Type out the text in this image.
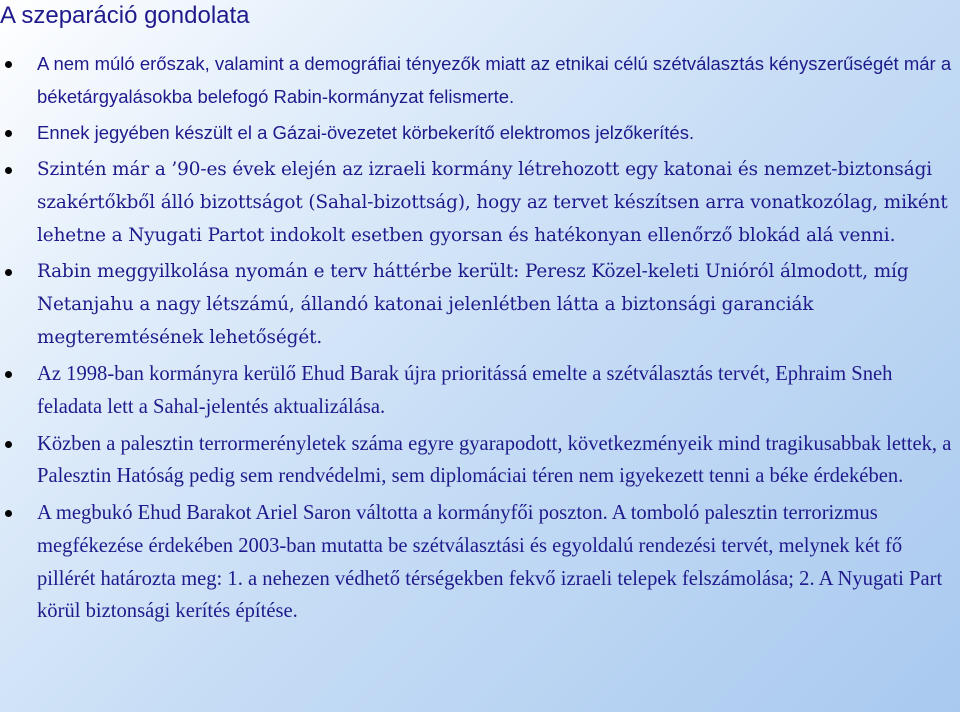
A szeparáció gondolata
A nem múló erőszak, valamint a demográfiai tényezők miatt az etnikai célú szétválasztás kényszerűségét már a béketárgyalásokba belefogó Rabin-kormányzat felismerte.
Ennek jegyében készült el a Gázai-övezetet körbekerítő elektromos jelzőkerítés.
Szintén már a ’90-es évek elején az izraeli kormány létrehozott egy katonai és nemzet-biztonsági szakértőkből álló bizottságot (Sahal-bizottság), hogy az tervet készítsen arra vonatkozólag, miként lehetne a Nyugati Partot indokolt esetben gyorsan és hatékonyan ellenőrző blokád alá venni.
Rabin meggyilkolása nyomán e terv háttérbe került: Peresz Közel-keleti Unióról álmodott, míg Netanjahu a nagy létszámú, állandó katonai jelenlétben látta a biztonsági garanciák megteremtésének lehetőségét.
Az 1998-ban kormányra kerülő Ehud Barak újra prioritássá emelte a szétválasztás tervét, Ephraim Sneh feladata lett a Sahal-jelentés aktualizálása.
Közben a palesztin terrormerényletek száma egyre gyarapodott, következményeik mind tragikusabbak lettek, a Palesztin Hatóság pedig sem rendvédelmi, sem diplomáciai téren nem igyekezett tenni a béke érdekében.
A megbukó Ehud Barakot Ariel Saron váltotta a kormányfői poszton. A tomboló palesztin terrorizmus megfékezése érdekében 2003-ban mutatta be szétválasztási és egyoldalú rendezési tervét, melynek két fő pillérét határozta meg: 1. a nehezen védhető térségekben fekvő izraeli telepek felszámolása; 2. A Nyugati Part körül biztonsági kerítés építése.
